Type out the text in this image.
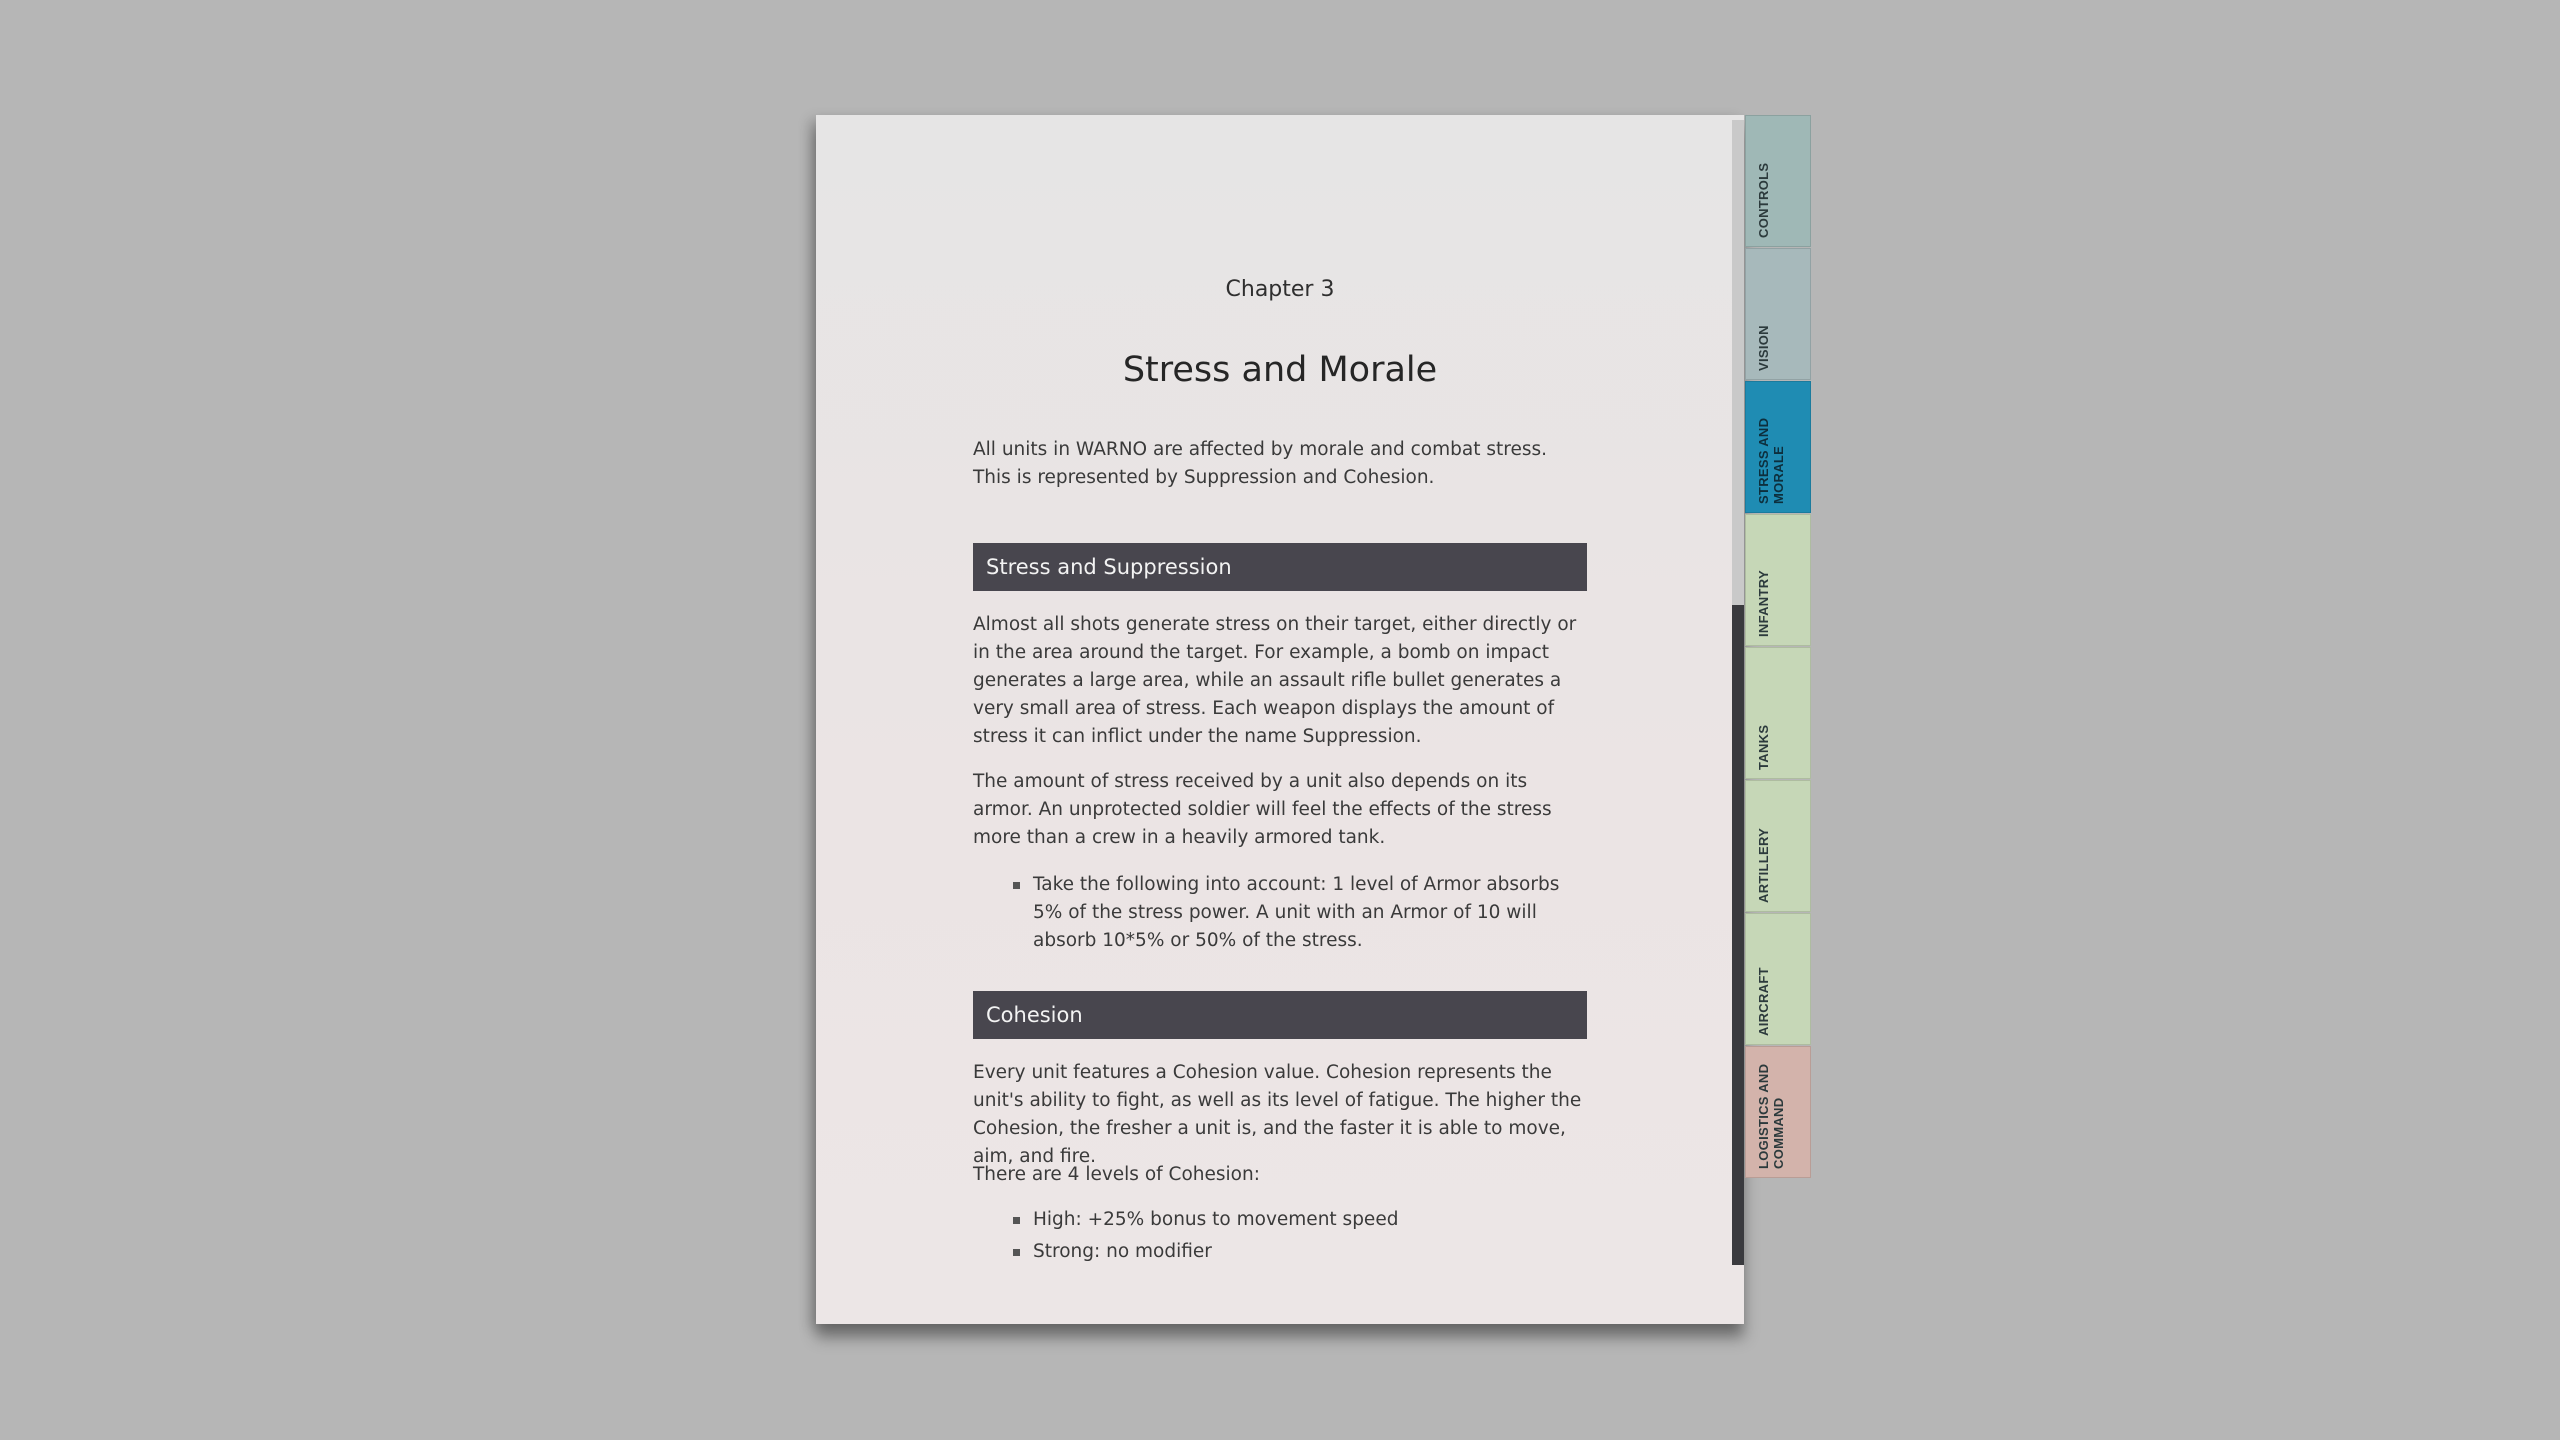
Chapter 3
Stress and Morale

All units in WARNO are affected by morale and combat stress. This is represented by Suppression and Cohesion.

Stress and Suppression

Almost all shots generate stress on their target, either directly or in the area around the target. For example, a bomb on impact generates a large area, while an assault rifle bullet generates a very small area of stress. Each weapon displays the amount of stress it can inflict under the name Suppression.

The amount of stress received by a unit also depends on its armor. An unprotected soldier will feel the effects of the stress more than a crew in a heavily armored tank.

Take the following into account: 1 level of Armor absorbs 5% of the stress power. A unit with an Armor of 10 will absorb 10*5% or 50% of the stress.
Cohesion

Every unit features a Cohesion value. Cohesion represents the unit's ability to fight, as well as its level of fatigue. The higher the Cohesion, the fresher a unit is, and the faster it is able to move, aim, and fire.

There are 4 levels of Cohesion:

High: +25% bonus to movement speed
Strong: no modifier
CONTROLS
VISION
STRESS AND
MORALE
INFANTRY
TANKS
ARTILLERY
AIRCRAFT
LOGISTICS AND
COMMAND
